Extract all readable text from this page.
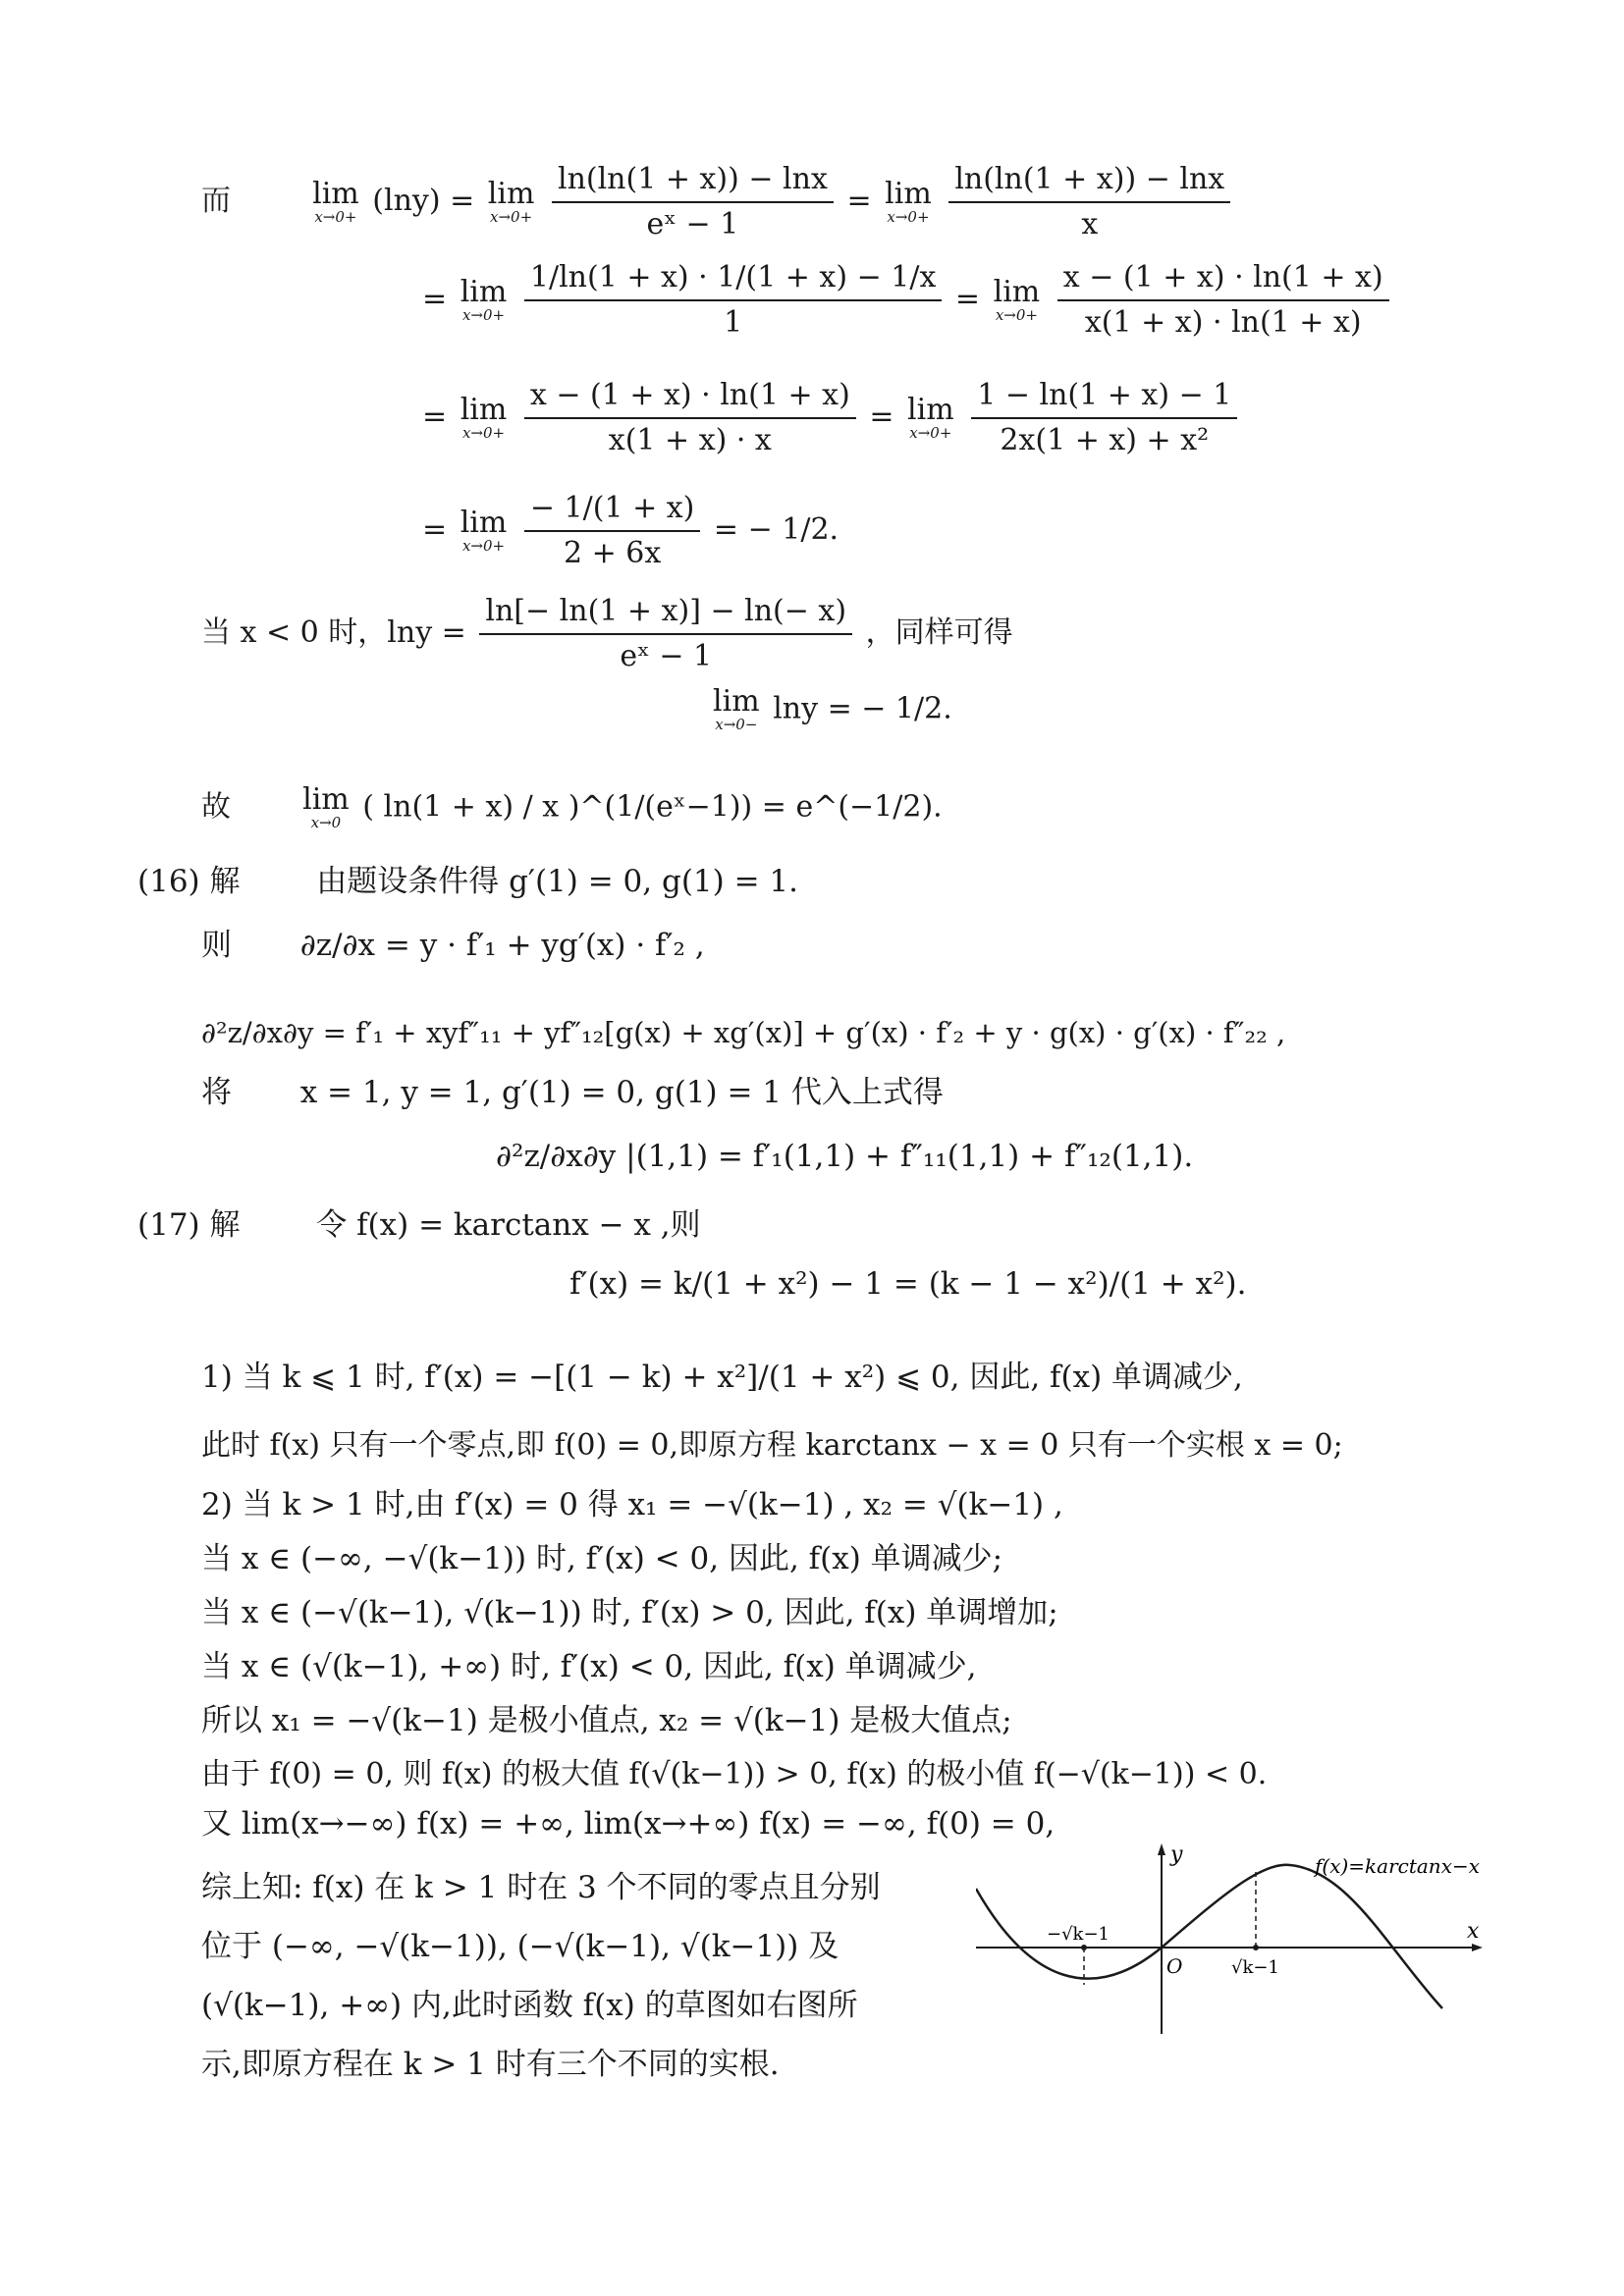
而	lim
x→0+ (lny) = lim
x→0+
$\frac{\ln(\ln(1 + x)) - \ln x}{\text{eˣ − 1}} = \lim$
x→0+
$\frac{\ln(\ln(1 + x)) - \ln x}{x}$
= lim
x→0+
$\frac{1/\ln(1 + x) \cdot 1/(1 + x) - 1/x}{1} = \lim$
x→0+
$\frac{x - (1 + x) \cdot \ln(1 + x)}{x(1 + x) \cdot \ln(1 + x)}$
= lim
x→0+
$\frac{x - (1 + x) \cdot \ln(1 + x)}{x(1 + x) \cdot x} = \lim$
x→0+
$\frac{1 - \ln(1 + x) - 1}{\text{2x(1 + x) + x²}}$
= lim
x→0+
$\frac{- 1/(1 + x)}{2 + 6x}$ = − 1/2.
当 x < 0 时，$\ln y = \frac{\ln[- \ln(1 + x)] - \ln(- x)}{\text{eˣ − 1}}$ ，同样可得
lim
x→0− lny = − 1/2.
故 lim
x→0 ( ln(1 + x) / x )^(1/(eˣ−1)) = e^(−1/2).
(16) 解	由题设条件得 g′(1) = 0, g(1) = 1.
则 ∂z/∂x = y · f′₁ + yg′(x) · f′₂ ,
∂²z/∂x∂y = f′₁ + xyf″₁₁ + yf″₁₂[g(x) + xg′(x)] + g′(x) · f′₂ + y · g(x) · g′(x) · f″₂₂ ,
将 x = 1, y = 1, g′(1) = 0, g(1) = 1 代入上式得
∂²z/∂x∂y |(1,1) = f′₁(1,1) + f″₁₁(1,1) + f″₁₂(1,1).
(17) 解	令 f(x) = karctanx − x ,则
f′(x) = k/(1 + x²) − 1 = (k − 1 − x²)/(1 + x²).
1) 当 k ⩽ 1 时, f′(x) = −[(1 − k) + x²]/(1 + x²) ⩽ 0, 因此, f(x) 单调减少,
此时 f(x) 只有一个零点,即 f(0) = 0,即原方程 karctanx − x = 0 只有一个实根 x = 0;
2) 当 k > 1 时,由 f′(x) = 0 得 x₁ = −√(k−1) , x₂ = √(k−1) ,
当 x ∈ (−∞, −√(k−1)) 时, f′(x) < 0, 因此, f(x) 单调减少;
当 x ∈ (−√(k−1), √(k−1)) 时, f′(x) > 0, 因此, f(x) 单调增加;
当 x ∈ (√(k−1), +∞) 时, f′(x) < 0, 因此, f(x) 单调减少,
所以 x₁ = −√(k−1) 是极小值点, x₂ = √(k−1) 是极大值点;
由于 f(0) = 0, 则 f(x) 的极大值 f(√(k−1)) > 0, f(x) 的极小值 f(−√(k−1)) < 0.
又 lim(x→−∞) f(x) = +∞, lim(x→+∞) f(x) = −∞, f(0) = 0,
综上知: f(x) 在 k > 1 时在 3 个不同的零点且分别
位于 (−∞, −√(k−1)), (−√(k−1), √(k−1)) 及
(√(k−1), +∞) 内,此时函数 f(x) 的草图如右图所
示,即原方程在 k > 1 时有三个不同的实根.
y
x
O
−√k−1
√k−1
f(x)=karctanx−x
